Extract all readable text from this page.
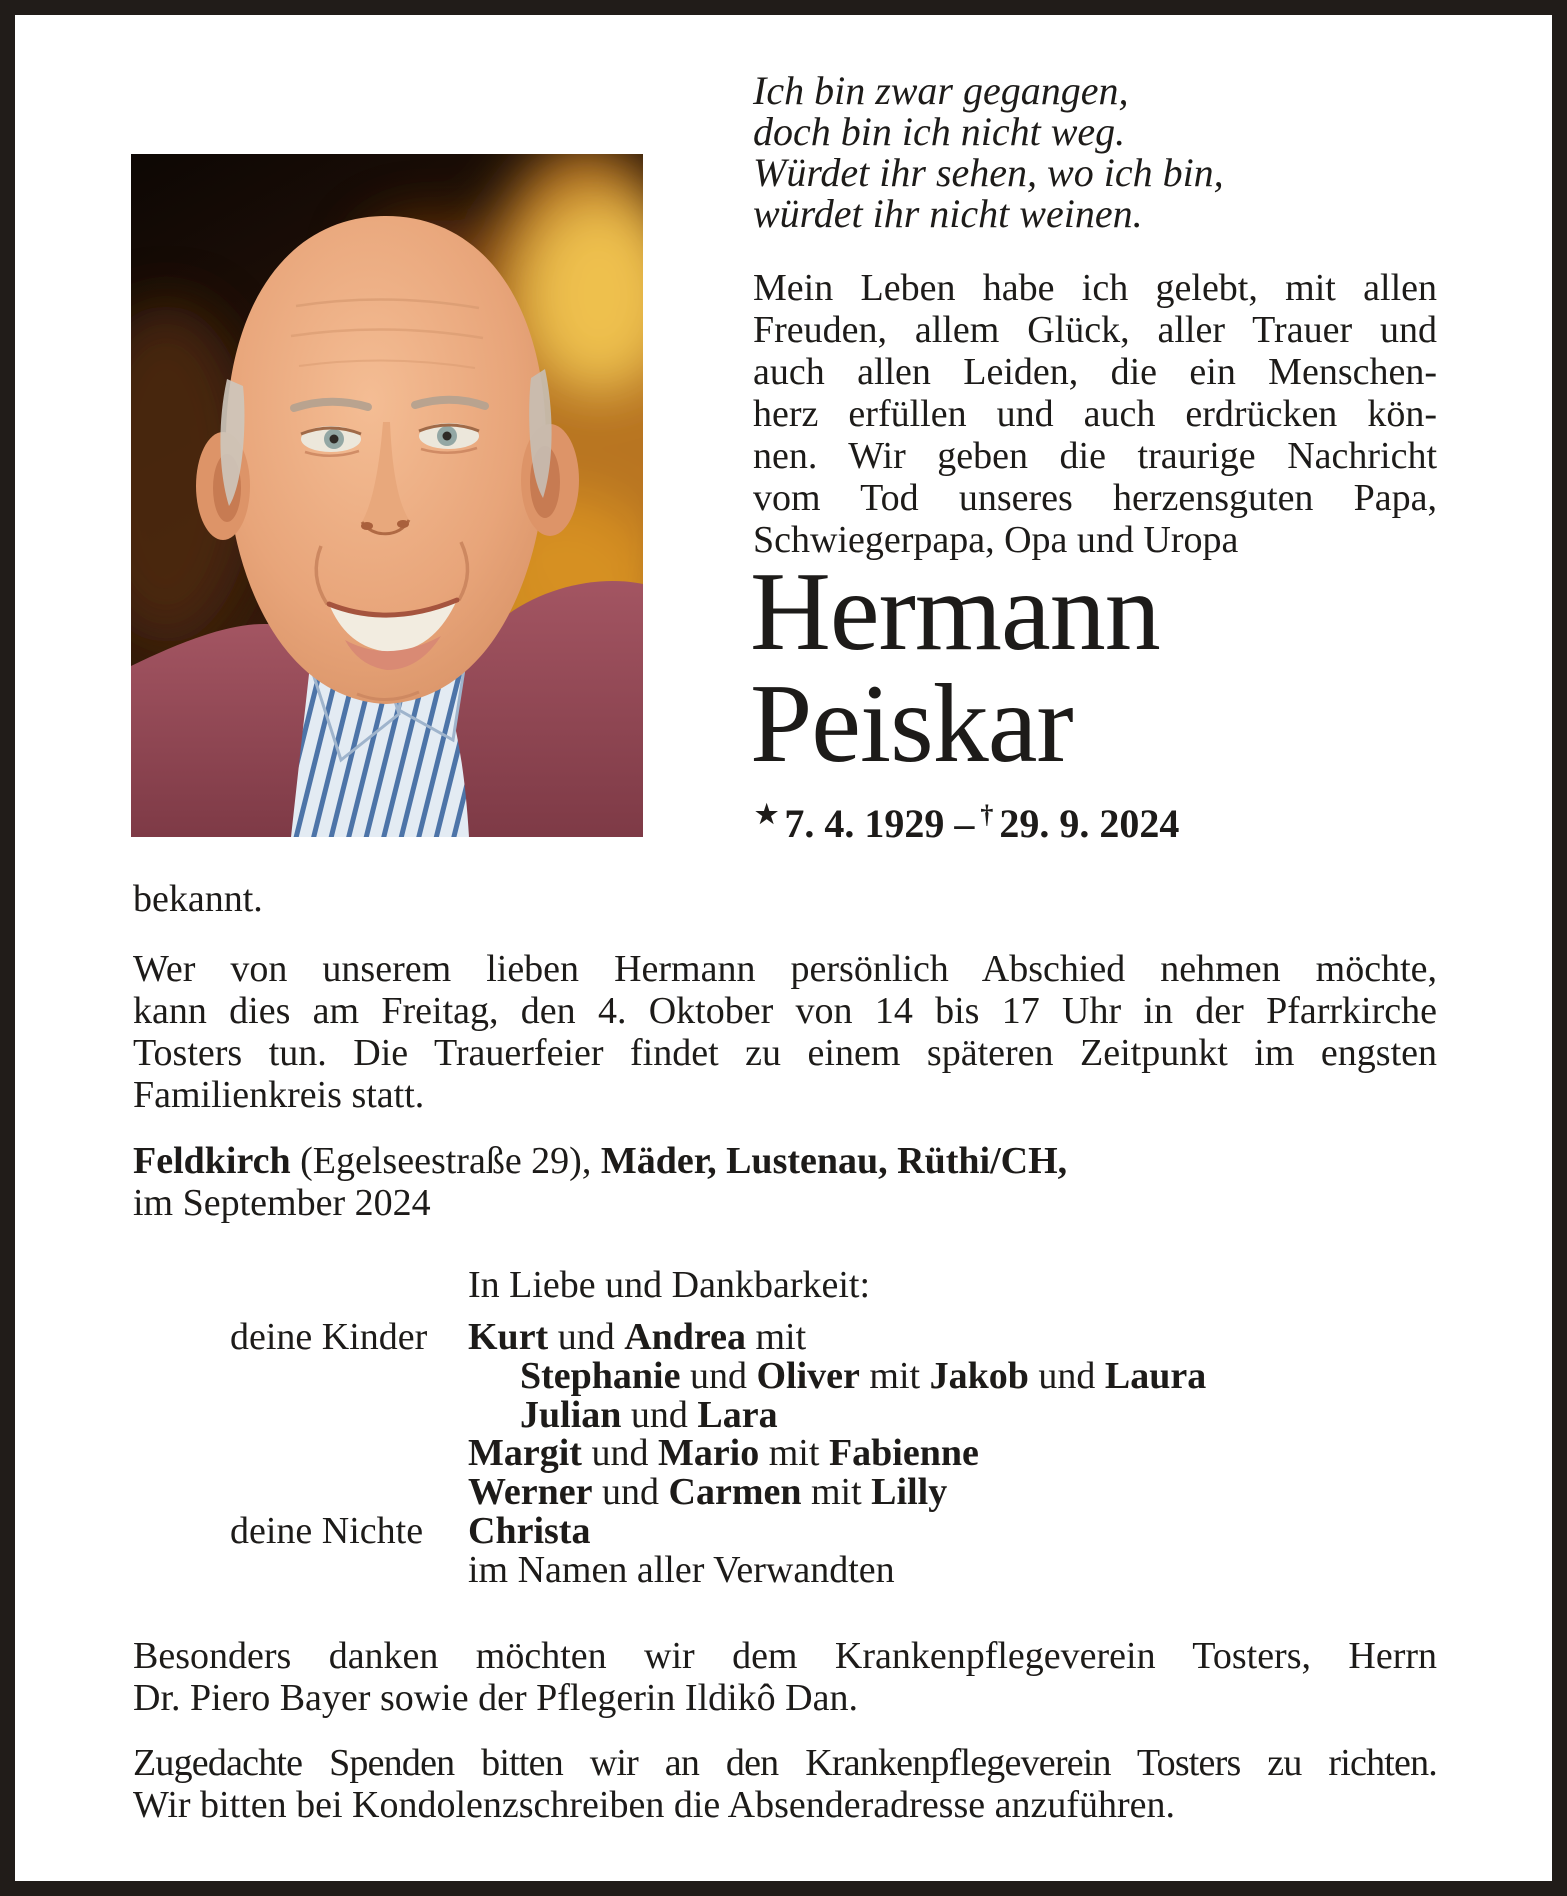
Ich bin zwar gegangen,
doch bin ich nicht weg.
Würdet ihr sehen, wo ich bin,
würdet ihr nicht weinen.
Mein Leben habe ich gelebt, mit allen
Freuden, allem Glück, aller Trauer und
auch allen Leiden, die ein Menschen-
herz erfüllen und auch erdrücken kön-
nen. Wir geben die traurige Nachricht
vom Tod unseres herzensguten Papa,
Schwiegerpapa, Opa und Uropa
Hermann
Peiskar
★ 7. 4. 1929 – † 29. 9. 2024
bekannt.
Wer von unserem lieben Hermann persönlich Abschied nehmen möchte,
kann dies am Freitag, den 4. Oktober von 14 bis 17 Uhr in der Pfarrkirche
Tosters tun. Die Trauerfeier findet zu einem späteren Zeitpunkt im engsten
Familienkreis statt.
Feldkirch (Egelseestraße 29), Mäder, Lustenau, Rüthi/CH,
im September 2024
In Liebe und Dankbarkeit:
deine Kinder Kurt und Andrea mit
Stephanie und Oliver mit Jakob und Laura
Julian und Lara
Margit und Mario mit Fabienne
Werner und Carmen mit Lilly
deine Nichte Christa
im Namen aller Verwandten
Besonders danken möchten wir dem Krankenpflegeverein Tosters, Herrn
Dr. Piero Bayer sowie der Pflegerin Ildikô Dan.
Zugedachte Spenden bitten wir an den Krankenpflegeverein Tosters zu richten.
Wir bitten bei Kondolenzschreiben die Absenderadresse anzuführen.
